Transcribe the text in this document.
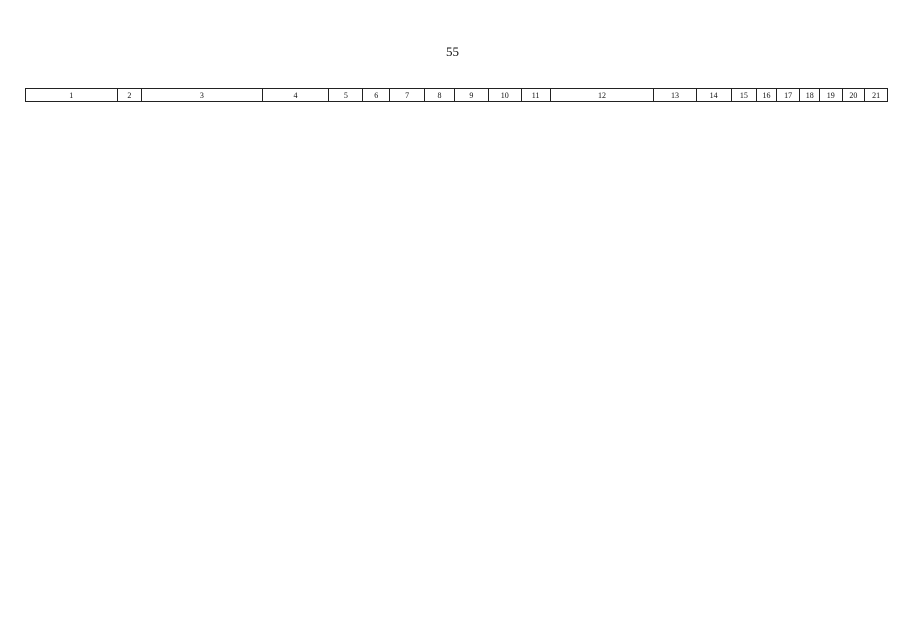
55
1	2	3	4	5	6	7	8	9	10	11	12	13	14	15	16	17	18	19	20	21
